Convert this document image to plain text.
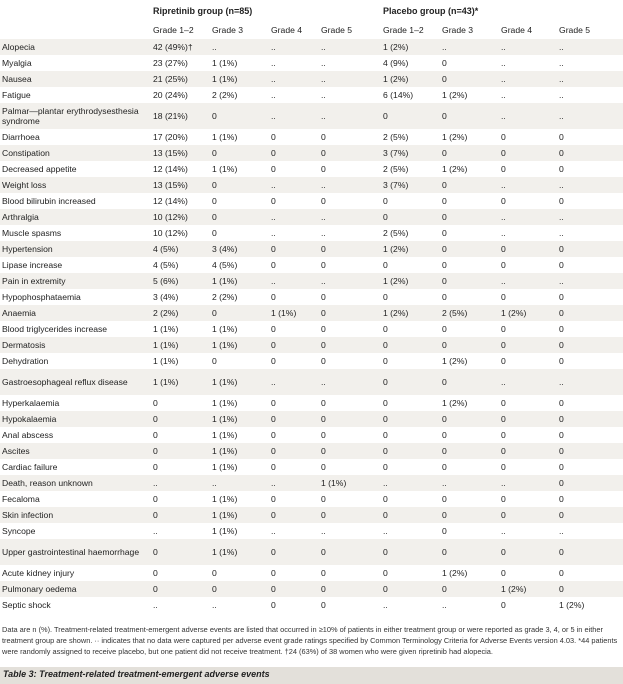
	Ripretinib group (n=85)				Placebo group (n=43)*			
	Grade 1–2	Grade 3	Grade 4	Grade 5	Grade 1–2	Grade 3	Grade 4	Grade 5
Alopecia	42 (49%)†	..	..	..	1 (2%)	..	..	..
Myalgia	23 (27%)	1 (1%)	..	..	4 (9%)	0	..	..
Nausea	21 (25%)	1 (1%)	..	..	1 (2%)	0	..	..
Fatigue	20 (24%)	2 (2%)	..	..	6 (14%)	1 (2%)	..	..
Palmar—plantar erythrodysesthesia syndrome	18 (21%)	0	..	..	0	0	..	..
Diarrhoea	17 (20%)	1 (1%)	0	0	2 (5%)	1 (2%)	0	0
Constipation	13 (15%)	0	0	0	3 (7%)	0	0	0
Decreased appetite	12 (14%)	1 (1%)	0	0	2 (5%)	1 (2%)	0	0
Weight loss	13 (15%)	0	..	..	3 (7%)	0	..	..
Blood bilirubin increased	12 (14%)	0	0	0	0	0	0	0
Arthralgia	10 (12%)	0	..	..	0	0	..	..
Muscle spasms	10 (12%)	0	..	..	2 (5%)	0	..	..
Hypertension	4 (5%)	3 (4%)	0	0	1 (2%)	0	0	0
Lipase increase	4 (5%)	4 (5%)	0	0	0	0	0	0
Pain in extremity	5 (6%)	1 (1%)	..	..	1 (2%)	0	..	..
Hypophosphataemia	3 (4%)	2 (2%)	0	0	0	0	0	0
Anaemia	2 (2%)	0	1 (1%)	0	1 (2%)	2 (5%)	1 (2%)	0
Blood triglycerides increase	1 (1%)	1 (1%)	0	0	0	0	0	0
Dermatosis	1 (1%)	1 (1%)	0	0	0	0	0	0
Dehydration	1 (1%)	0	0	0	0	1 (2%)	0	0
Gastroesophageal reflux disease	1 (1%)	1 (1%)	..	..	0	0	..	..
Hyperkalaemia	0	1 (1%)	0	0	0	1 (2%)	0	0
Hypokalaemia	0	1 (1%)	0	0	0	0	0	0
Anal abscess	0	1 (1%)	0	0	0	0	0	0
Ascites	0	1 (1%)	0	0	0	0	0	0
Cardiac failure	0	1 (1%)	0	0	0	0	0	0
Death, reason unknown	..	..	..	1 (1%)	..	..	..	0
Fecaloma	0	1 (1%)	0	0	0	0	0	0
Skin infection	0	1 (1%)	0	0	0	0	0	0
Syncope	..	1 (1%)	..	..	..	0	..	..
Upper gastrointestinal haemorrhage	0	1 (1%)	0	0	0	0	0	0
Acute kidney injury	0	0	0	0	0	1 (2%)	0	0
Pulmonary oedema	0	0	0	0	0	0	1 (2%)	0
Septic shock	..	..	0	0	..	..	0	1 (2%)
Data are n (%). Treatment-related treatment-emergent adverse events are listed that occurred in ≥10% of patients in either treatment group or were reported as grade 3, 4, or 5 in either treatment group are shown. ·· indicates that no data were captured per adverse event grade ratings specified by Common Terminology Criteria for Adverse Events version 4.03. *44 patients were randomly assigned to receive placebo, but one patient did not receive treatment. †24 (63%) of 38 women who were given ripretinib had alopecia.
Table 3: Treatment-related treatment-emergent adverse events
